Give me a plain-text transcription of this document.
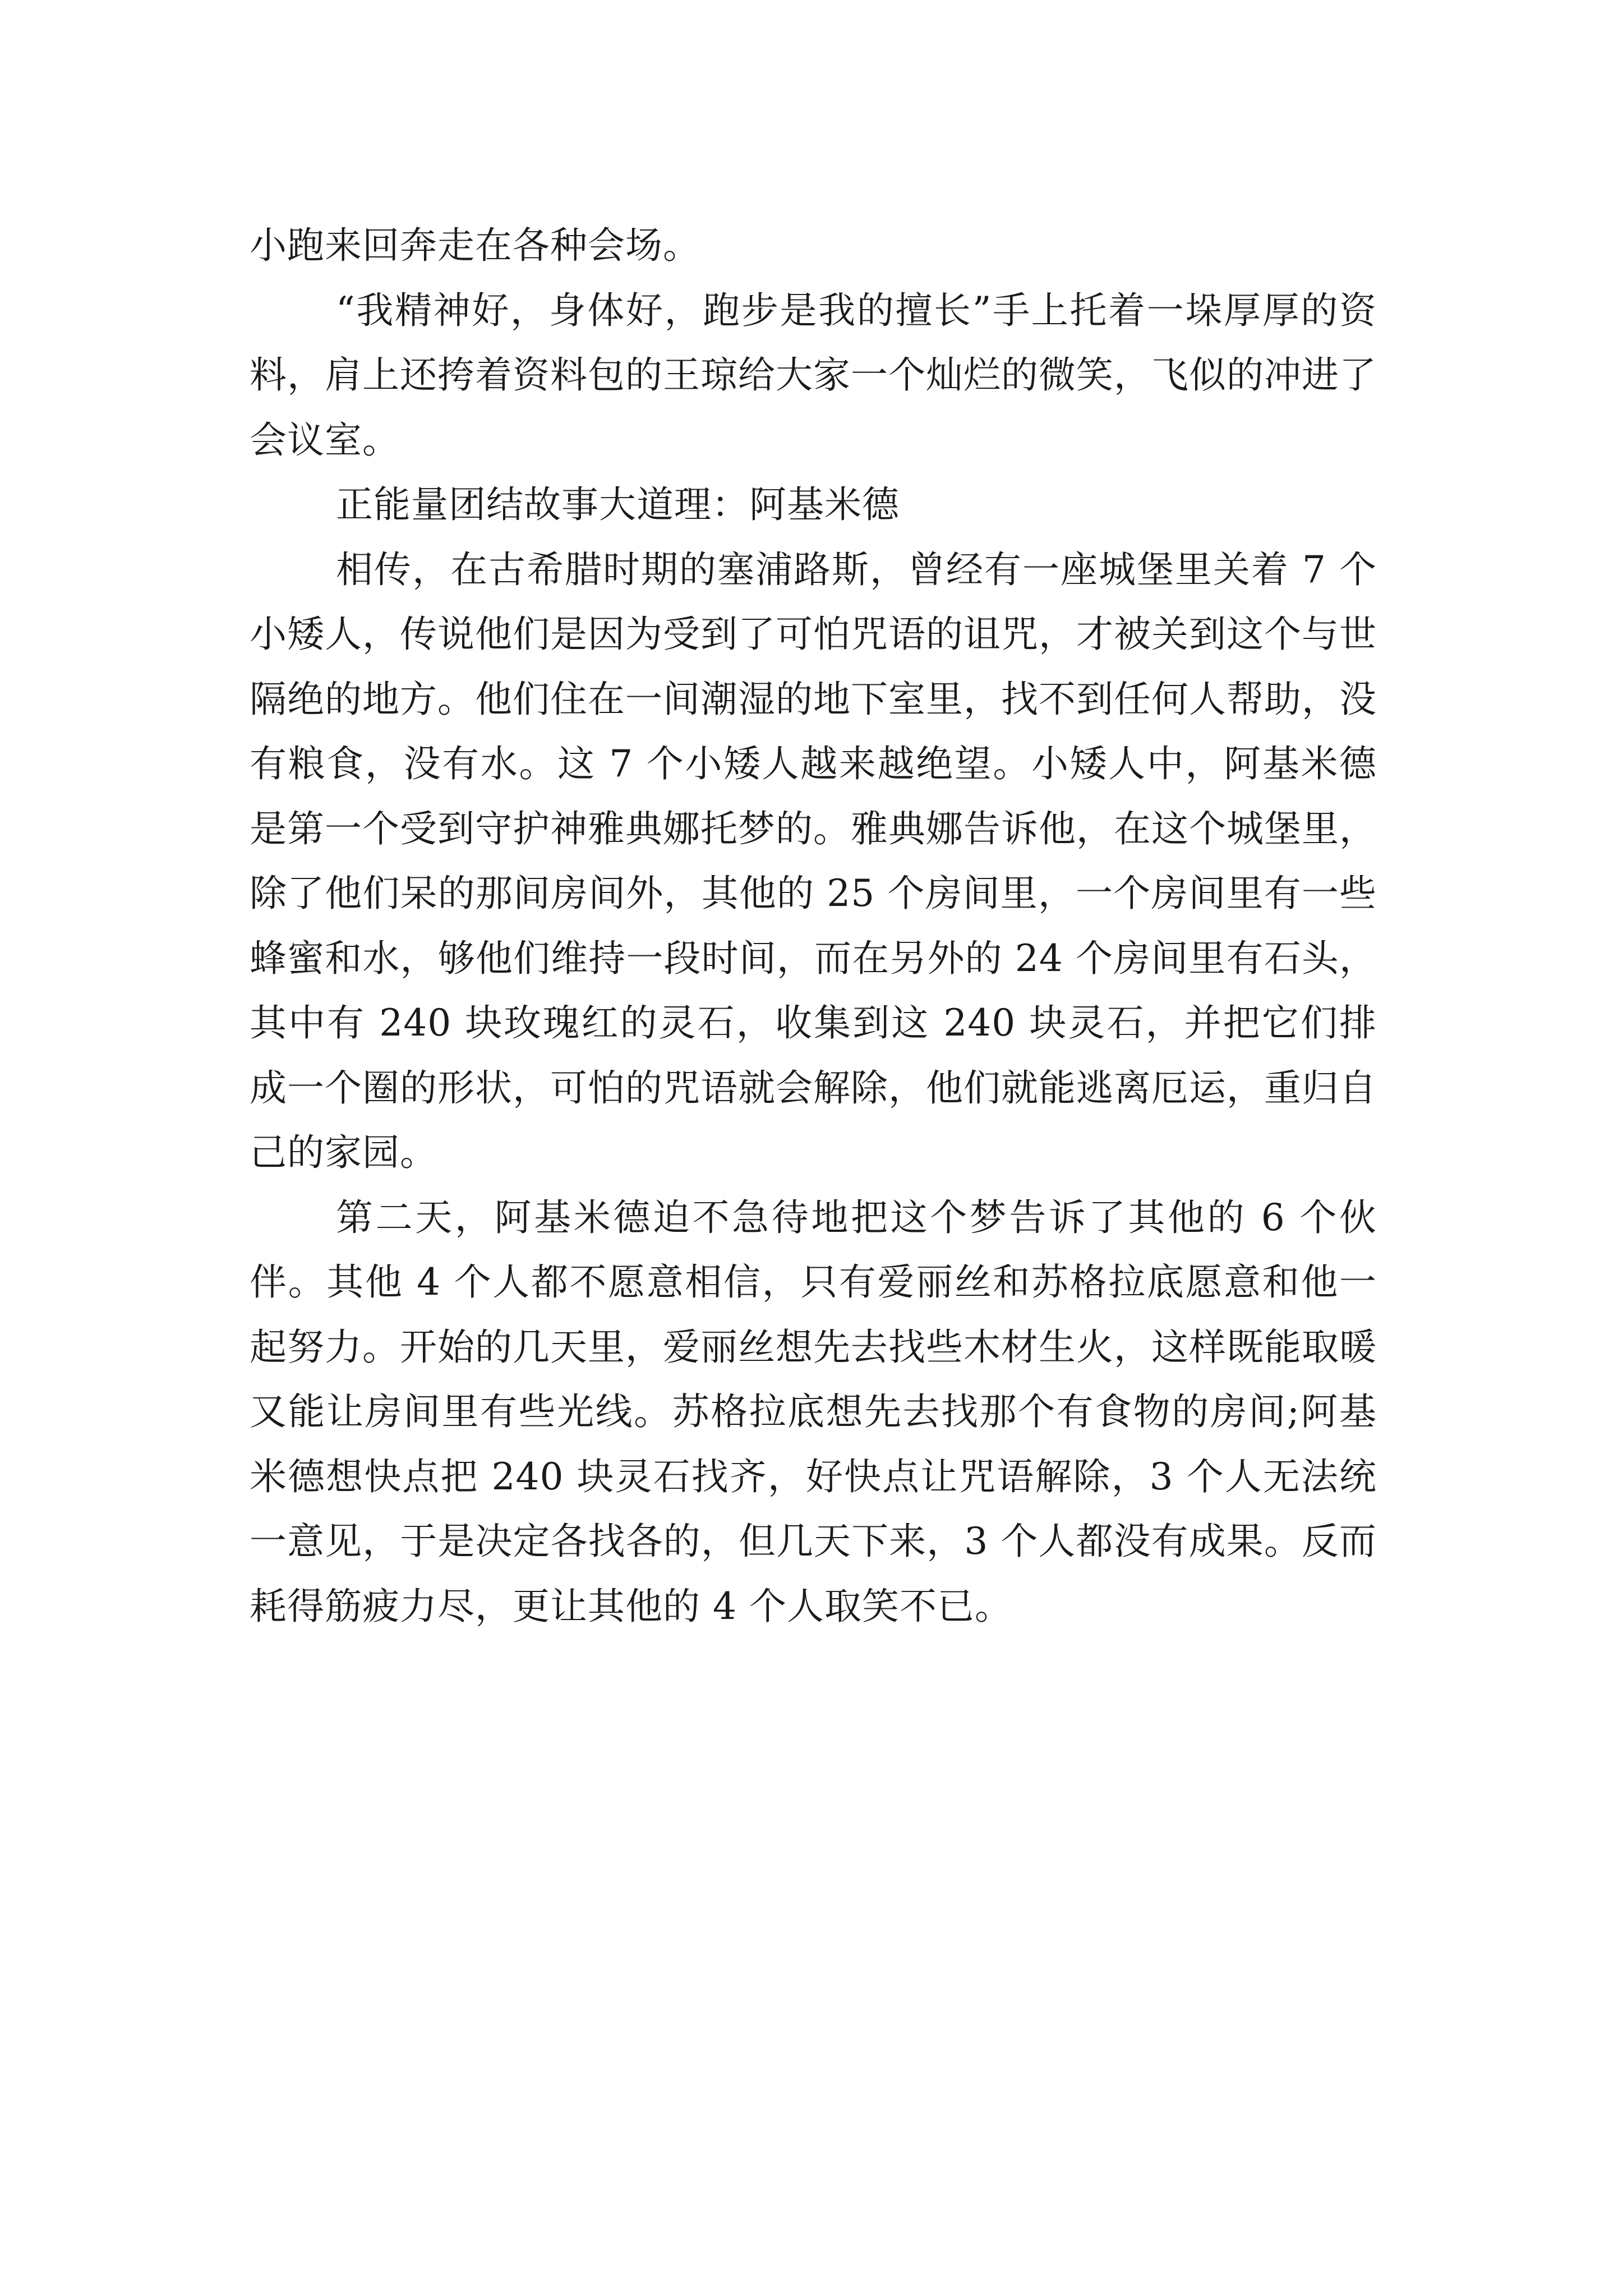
小跑来回奔走在各种会场。

“我精神好，身体好，跑步是我的擅长”手上托着一垛厚厚的资料，肩上还挎着资料包的王琼给大家一个灿烂的微笑，飞似的冲进了会议室。

正能量团结故事大道理：阿基米德

相传，在古希腊时期的塞浦路斯，曾经有一座城堡里关着 7 个小矮人，传说他们是因为受到了可怕咒语的诅咒，才被关到这个与世隔绝的地方。他们住在一间潮湿的地下室里，找不到任何人帮助，没有粮食，没有水。这 7 个小矮人越来越绝望。小矮人中，阿基米德是第一个受到守护神雅典娜托梦的。雅典娜告诉他，在这个城堡里，除了他们呆的那间房间外，其他的 25 个房间里，一个房间里有一些蜂蜜和水，够他们维持一段时间，而在另外的 24 个房间里有石头，其中有 240 块玫瑰红的灵石，收集到这 240 块灵石，并把它们排成一个圈的形状，可怕的咒语就会解除，他们就能逃离厄运，重归自己的家园。

第二天，阿基米德迫不急待地把这个梦告诉了其他的 6 个伙伴。其他 4 个人都不愿意相信，只有爱丽丝和苏格拉底愿意和他一起努力。开始的几天里，爱丽丝想先去找些木材生火，这样既能取暖又能让房间里有些光线。苏格拉底想先去找那个有食物的房间;阿基米德想快点把 240 块灵石找齐，好快点让咒语解除，3 个人无法统一意见，于是决定各找各的，但几天下来，3 个人都没有成果。反而耗得筋疲力尽，更让其他的 4 个人取笑不已。
